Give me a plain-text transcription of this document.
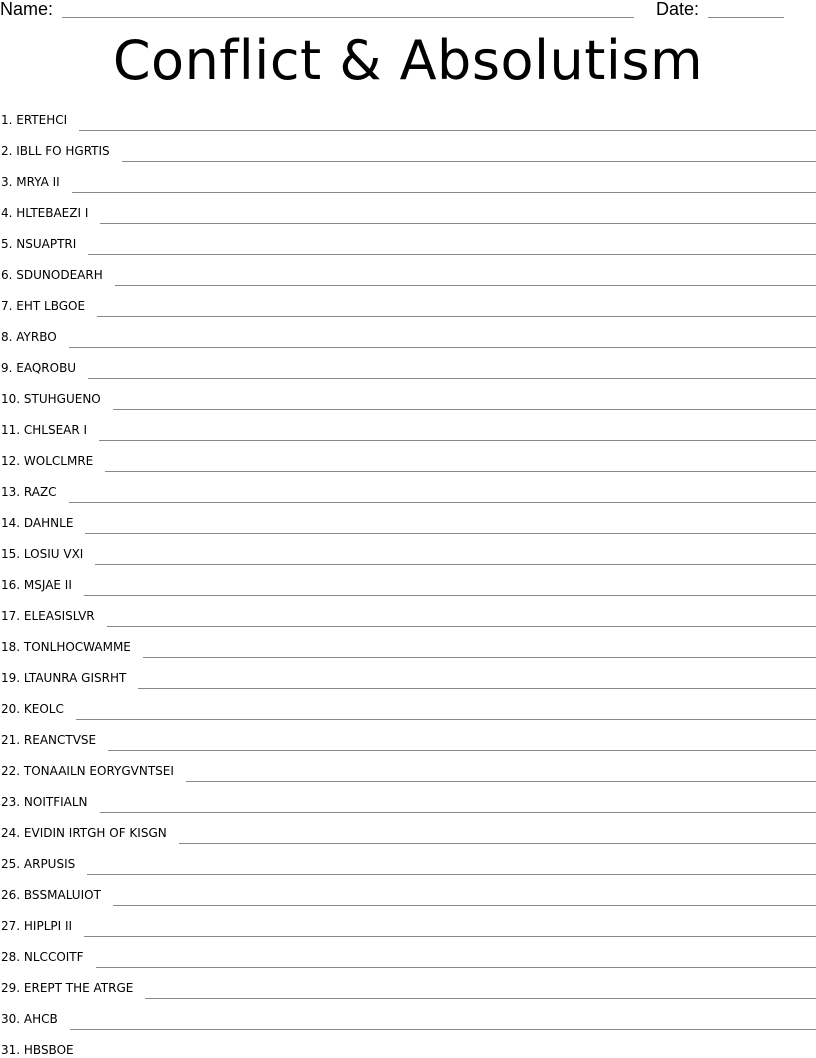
Name:	Date:
Conflict & Absolutism
1. ERTEHCI
2. IBLL FO HGRTIS
3. MRYA II
4. HLTEBAEZI I
5. NSUAPTRI
6. SDUNODEARH
7. EHT LBGOE
8. AYRBO
9. EAQROBU
10. STUHGUENO
11. CHLSEAR I
12. WOLCLMRE
13. RAZC
14. DAHNLE
15. LOSIU VXI
16. MSJAE II
17. ELEASISLVR
18. TONLHOCWAMME
19. LTAUNRA GISRHT
20. KEOLC
21. REANCTVSE
22. TONAAILN EORYGVNTSEI
23. NOITFIALN
24. EVIDIN IRTGH OF KISGN
25. ARPUSIS
26. BSSMALUIOT
27. HIPLPI II
28. NLCCOITF
29. EREPT THE ATRGE
30. AHCB
31. HBSBOE
